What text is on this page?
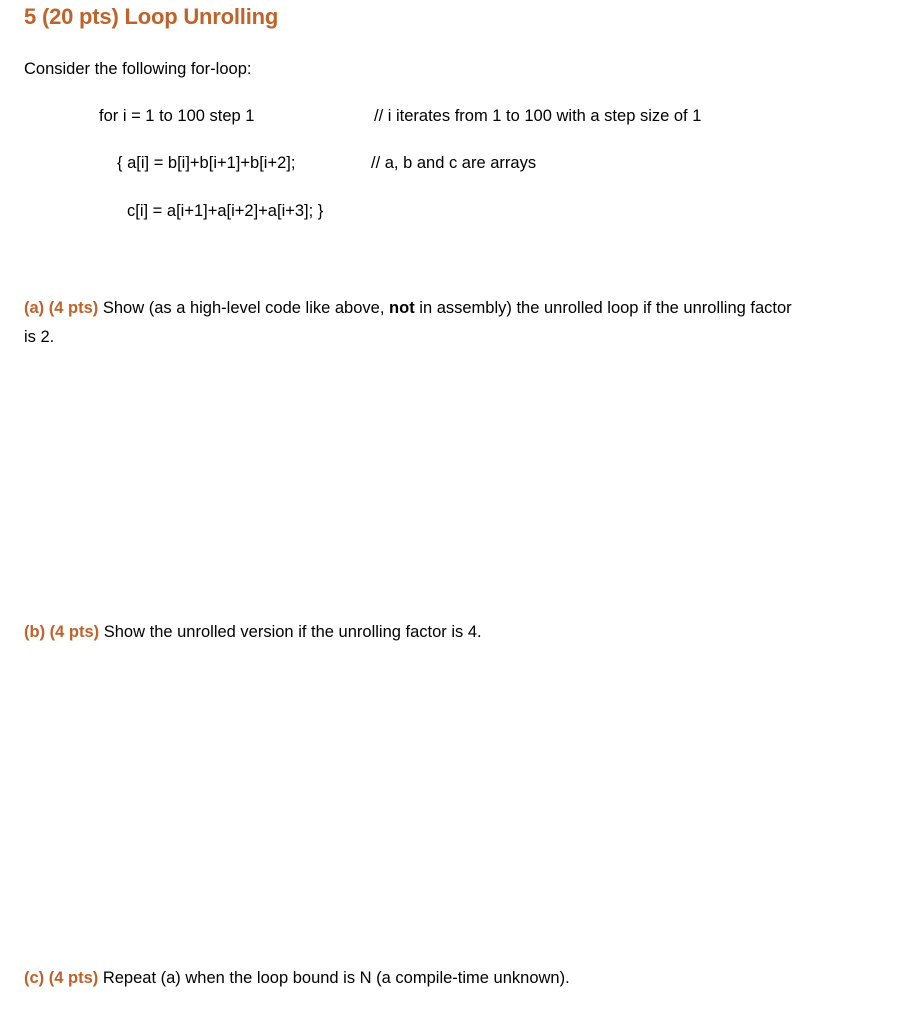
5 (20 pts) Loop Unrolling
Consider the following for-loop:
for i = 1 to 100 step 1	// i iterates from 1 to 100 with a step size of 1
{ a[i] = b[i]+b[i+1]+b[i+2];	// a, b and c are arrays
c[i] = a[i+1]+a[i+2]+a[i+3]; }
(a) (4 pts) Show (as a high-level code like above, not in assembly) the unrolled loop if the unrolling factor
is 2.
(b) (4 pts) Show the unrolled version if the unrolling factor is 4.
(c) (4 pts) Repeat (a) when the loop bound is N (a compile-time unknown).
